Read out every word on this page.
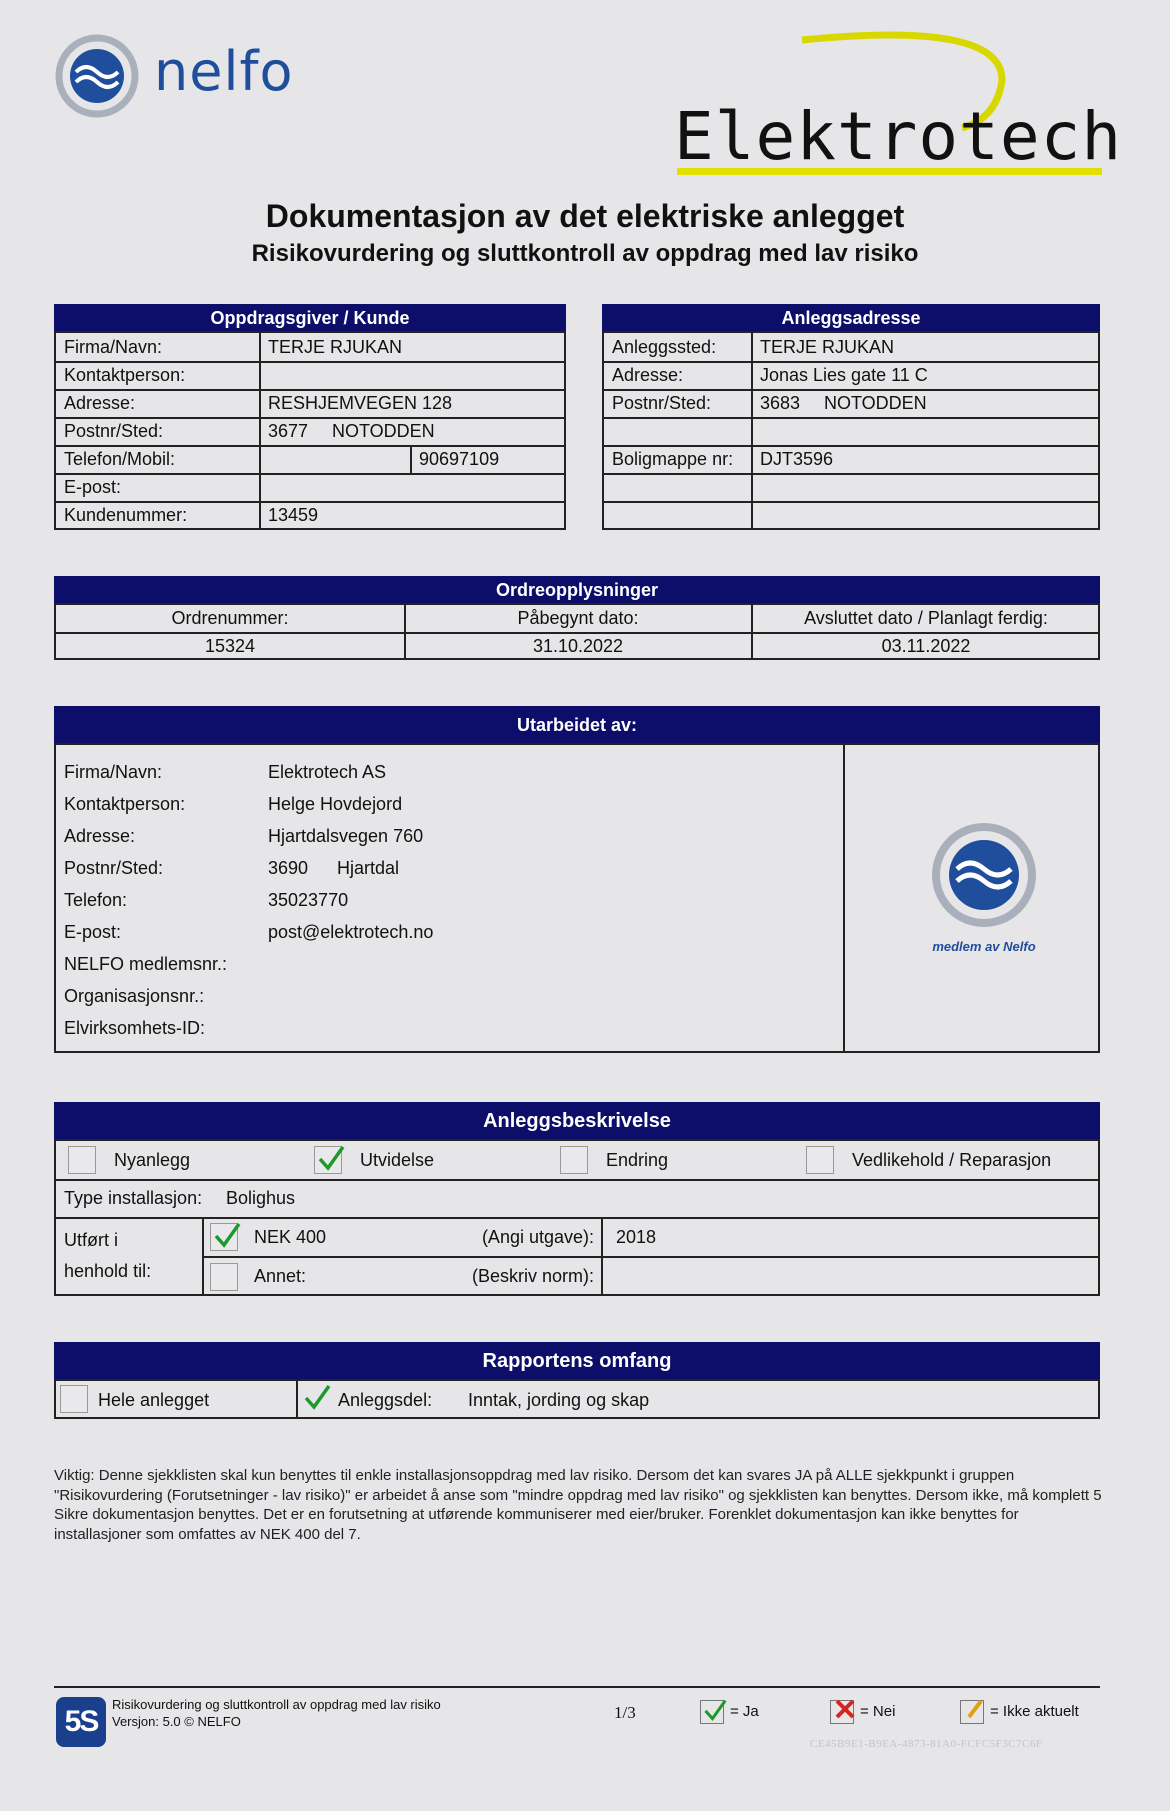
nelfo
Elektrotech
Dokumentasjon av det elektriske anlegget
Risikovurdering og sluttkontroll av oppdrag med lav risiko
Oppdragsgiver / Kunde
Firma/Navn:	TERJE RJUKAN
Kontaktperson:
Adresse:	RESHJEMVEGEN 128
Postnr/Sted:	3677	NOTODDEN
Telefon/Mobil:	90697109
E-post:
Kundenummer:	13459
Anleggsadresse
Anleggssted:	TERJE RJUKAN
Adresse:	Jonas Lies gate 11 C
Postnr/Sted:	3683	NOTODDEN
Boligmappe nr:	DJT3596
Ordreopplysninger
Ordrenummer:	Påbegynt dato:	Avsluttet dato / Planlagt ferdig:
15324	31.10.2022	03.11.2022
Utarbeidet av:
medlem av Nelfo
Firma/Navn:	Elektrotech AS
Kontaktperson:	Helge Hovdejord
Adresse:	Hjartdalsvegen 760
Postnr/Sted:	3690	Hjartdal
Telefon:	35023770
E-post:	post@elektrotech.no
NELFO medlemsnr.:
Organisasjonsnr.:
Elvirksomhets-ID:
Anleggsbeskrivelse
Nyanlegg	Utvidelse	Endring	Vedlikehold / Reparasjon
Type installasjon:	Bolighus
Utført i
henhold til:
NEK 400	(Angi utgave):	2018
Annet:	(Beskriv norm):
Rapportens omfang
Hele anlegget	Anleggsdel:	Inntak, jording og skap
Viktig: Denne sjekklisten skal kun benyttes til enkle installasjonsoppdrag med lav risiko. Dersom det kan svares JA på ALLE sjekkpunkt i gruppen "Risikovurdering (Forutsetninger - lav risiko)" er arbeidet å anse som "mindre oppdrag med lav risiko" og sjekklisten kan benyttes. Dersom ikke, må komplett 5 Sikre dokumentasjon benyttes. Det er en forutsetning at utførende kommuniserer med eier/bruker. Forenklet dokumentasjon kan ikke benyttes for installasjoner som omfattes av NEK 400 del 7.
5S
Risikovurdering og sluttkontroll av oppdrag med lav risiko
Versjon: 5.0 © NELFO	1/3	= Ja	= Nei	= Ikke aktuelt
CE45B9E1-B9EA-4873-81A0-FCFC5F3C7C6F
